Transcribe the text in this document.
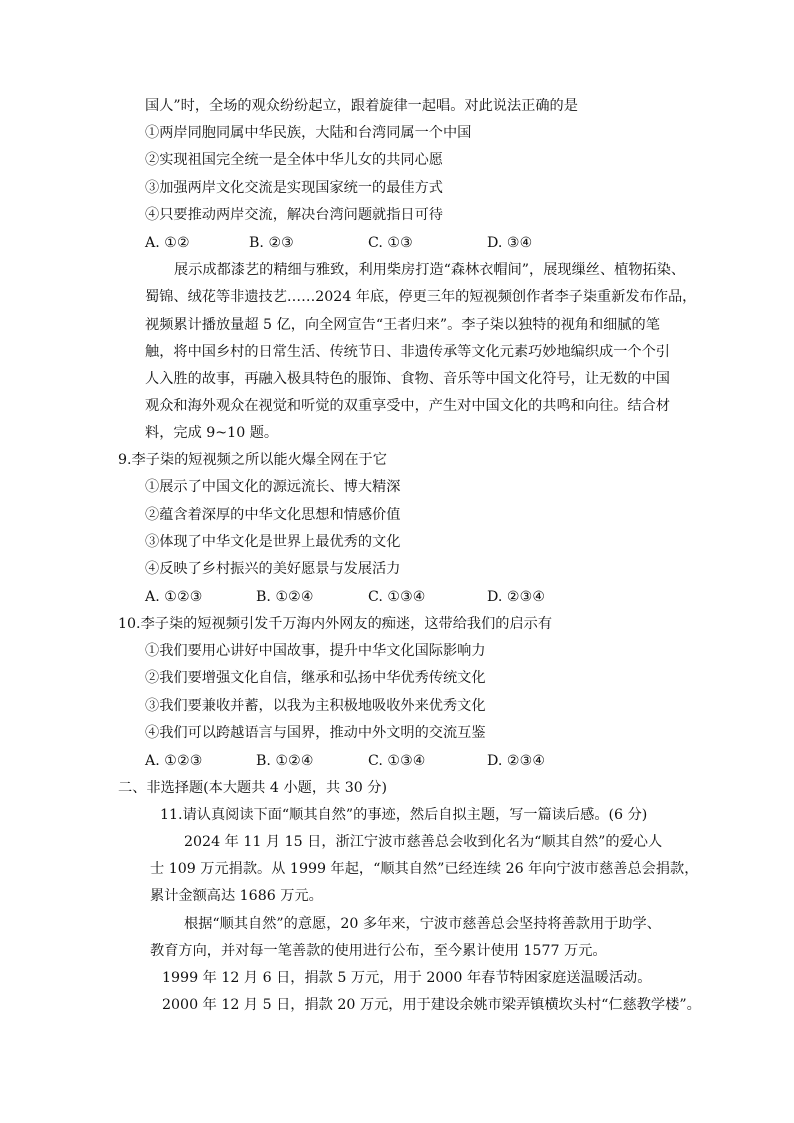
国人”时，全场的观众纷纷起立，跟着旋律一起唱。对此说法正确的是
①两岸同胞同属中华民族，大陆和台湾同属一个中国
②实现祖国完全统一是全体中华儿女的共同心愿
③加强两岸文化交流是实现国家统一的最佳方式
④只要推动两岸交流，解决台湾问题就指日可待
A. ①②	B. ②③	C. ①③	D. ③④
展示成都漆艺的精细与雅致，利用柴房打造“森林衣帽间”，展现缫丝、植物拓染、
蜀锦、绒花等非遗技艺……2024 年底，停更三年的短视频创作者李子柒重新发布作品，
视频累计播放量超 5 亿，向全网宣告“王者归来”。李子柒以独特的视角和细腻的笔
触，将中国乡村的日常生活、传统节日、非遗传承等文化元素巧妙地编织成一个个引
人入胜的故事，再融入极具特色的服饰、食物、音乐等中国文化符号，让无数的中国
观众和海外观众在视觉和听觉的双重享受中，产生对中国文化的共鸣和向往。结合材
料，完成 9~10 题。
9.李子柒的短视频之所以能火爆全网在于它
①展示了中国文化的源远流长、博大精深
②蕴含着深厚的中华文化思想和情感价值
③体现了中华文化是世界上最优秀的文化
④反映了乡村振兴的美好愿景与发展活力
A. ①②③	B. ①②④	C. ①③④	D. ②③④
10.李子柒的短视频引发千万海内外网友的痴迷，这带给我们的启示有
①我们要用心讲好中国故事，提升中华文化国际影响力
②我们要增强文化自信，继承和弘扬中华优秀传统文化
③我们要兼收并蓄，以我为主积极地吸收外来优秀文化
④我们可以跨越语言与国界，推动中外文明的交流互鉴
A. ①②③	B. ①②④	C. ①③④	D. ②③④
二、非选择题(本大题共 4 小题，共 30 分)
11.请认真阅读下面“顺其自然”的事迹，然后自拟主题，写一篇读后感。(6 分)
2024 年 11 月 15 日，浙江宁波市慈善总会收到化名为“顺其自然”的爱心人
士 109 万元捐款。从 1999 年起，“顺其自然”已经连续 26 年向宁波市慈善总会捐款，
累计金额高达 1686 万元。
根据“顺其自然”的意愿，20 多年来，宁波市慈善总会坚持将善款用于助学、
教育方向，并对每一笔善款的使用进行公布，至今累计使用 1577 万元。
1999 年 12 月 6 日，捐款 5 万元，用于 2000 年春节特困家庭送温暖活动。
2000 年 12 月 5 日，捐款 20 万元，用于建设余姚市梁弄镇横坎头村“仁慈教学楼”。
